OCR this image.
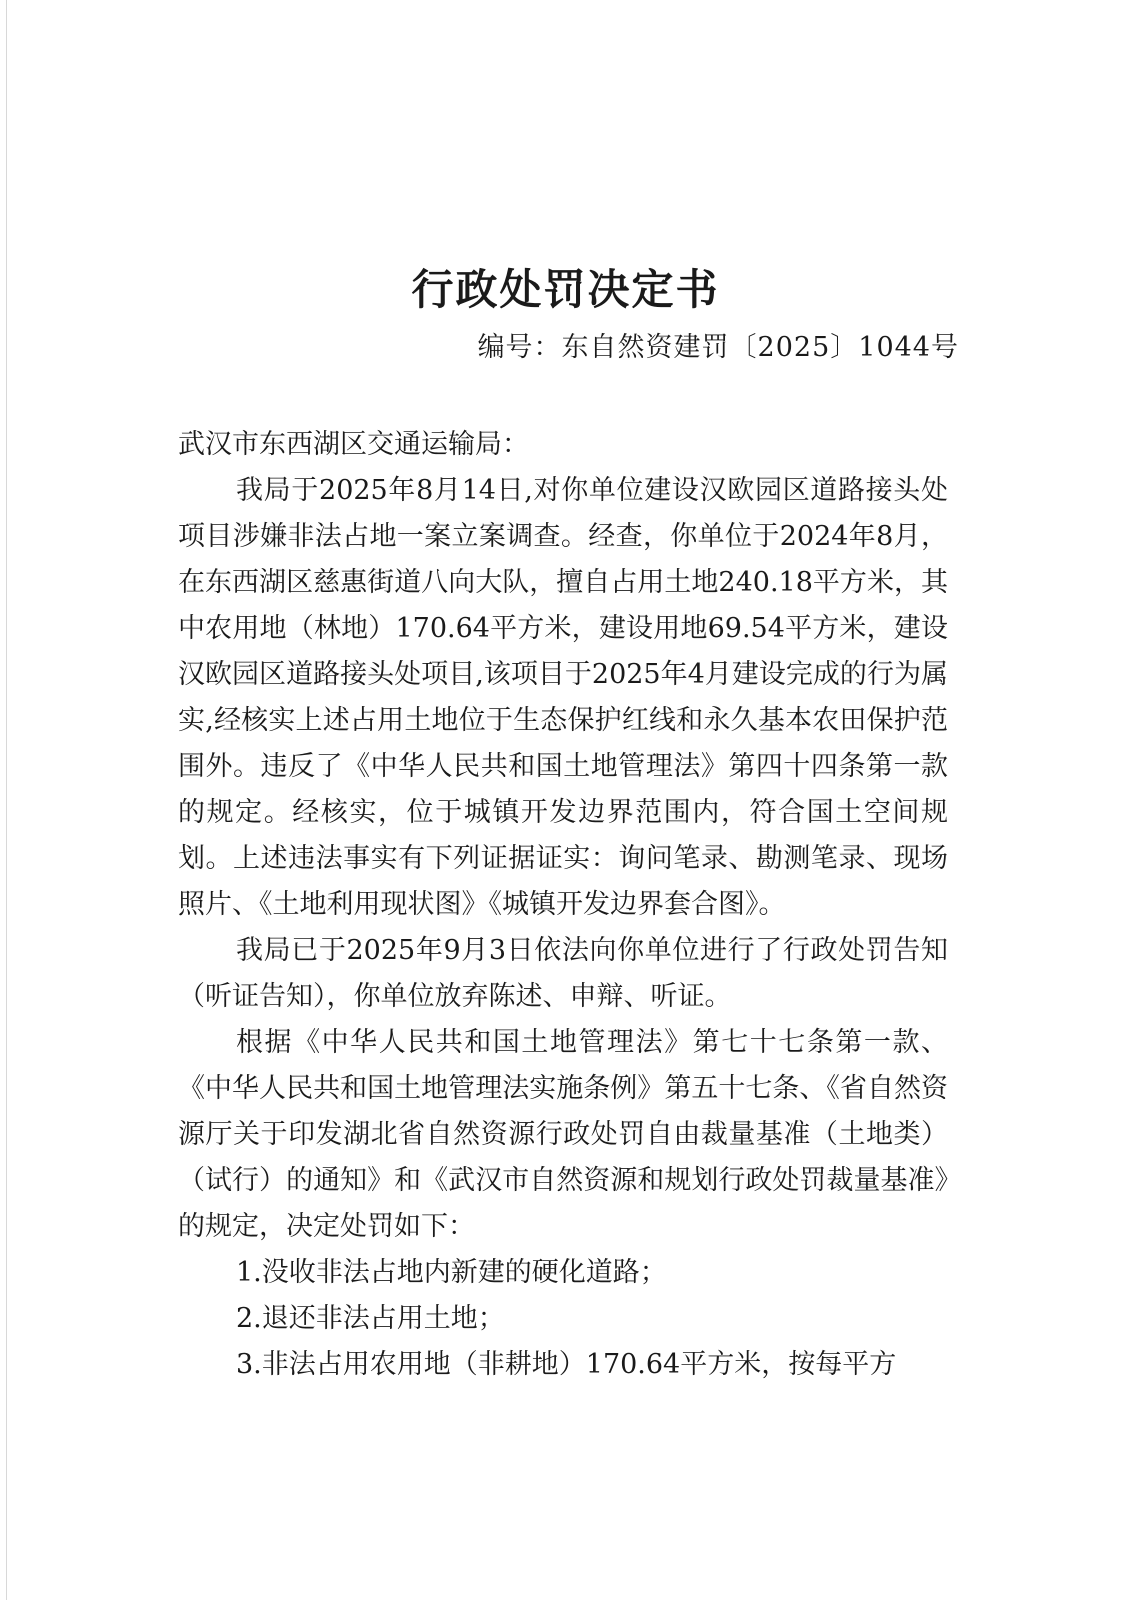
行政处罚决定书
编号：东自然资建罚〔2025〕1044号

武汉市东西湖区交通运输局：

我局于2025年8月14日,对你单位建设汉欧园区道路接头处项目涉嫌非法占地一案立案调查。经查，你单位于2024年8月，在东西湖区慈惠街道八向大队，擅自占用土地240.18平方米，其中农用地（林地）170.64平方米，建设用地69.54平方米，建设汉欧园区道路接头处项目,该项目于2025年4月建设完成的行为属实,经核实上述占用土地位于生态保护红线和永久基本农田保护范围外。违反了《中华人民共和国土地管理法》第四十四条第一款的规定。经核实，位于城镇开发边界范围内，符合国土空间规划。上述违法事实有下列证据证实：询问笔录、勘测笔录、现场照片、《土地利用现状图》《城镇开发边界套合图》。

我局已于2025年9月3日依法向你单位进行了行政处罚告知（听证告知），你单位放弃陈述、申辩、听证。

根据《中华人民共和国土地管理法》第七十七条第一款、《中华人民共和国土地管理法实施条例》第五十七条、《省自然资源厅关于印发湖北省自然资源行政处罚自由裁量基准（土地类）（试行）的通知》和《武汉市自然资源和规划行政处罚裁量基准》的规定，决定处罚如下：

1.没收非法占地内新建的硬化道路；

2.退还非法占用土地；

3.非法占用农用地（非耕地）170.64平方米，按每平方
